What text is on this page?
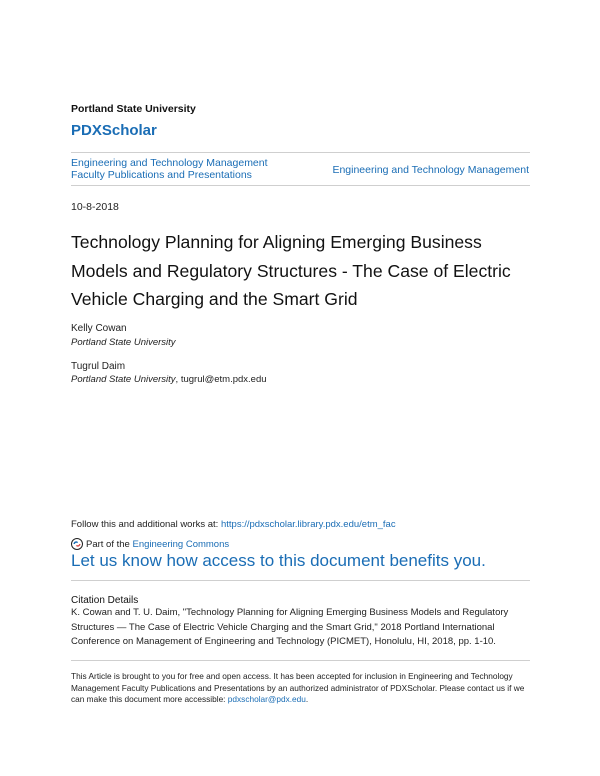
Portland State University
PDXScholar
Engineering and Technology Management
Faculty Publications and Presentations	Engineering and Technology Management
10-8-2018
Technology Planning for Aligning Emerging Business Models and Regulatory Structures - The Case of Electric Vehicle Charging and the Smart Grid
Kelly Cowan
Portland State University
Tugrul Daim
Portland State University, tugrul@etm.pdx.edu
Follow this and additional works at: https://pdxscholar.library.pdx.edu/etm_fac
Part of the
Engineering Commons
Let us know how access to this document benefits you.
Citation Details
K. Cowan and T. U. Daim, "Technology Planning for Aligning Emerging Business Models and Regulatory Structures — The Case of Electric Vehicle Charging and the Smart Grid," 2018 Portland International Conference on Management of Engineering and Technology (PICMET), Honolulu, HI, 2018, pp. 1-10.
This Article is brought to you for free and open access. It has been accepted for inclusion in Engineering and Technology Management Faculty Publications and Presentations by an authorized administrator of PDXScholar. Please contact us if we can make this document more accessible: pdxscholar@pdx.edu.
